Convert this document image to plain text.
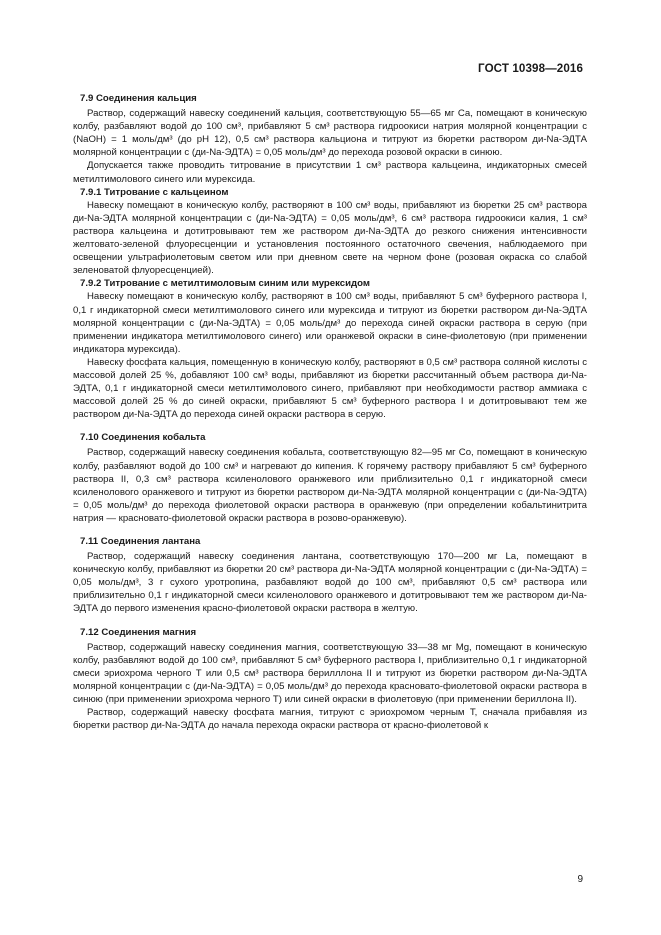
ГОСТ 10398—2016
7.9 Соединения кальция

Раствор, содержащий навеску соединений кальция, соответствующую 55—65 мг Ca, помещают в коническую колбу, разбавляют водой до 100 см³, прибавляют 5 см³ раствора гидроокиси натрия молярной концентрации с (NaOH) = 1 моль/дм³ (до pH 12), 0,5 см³ раствора кальциона и титруют из бюретки раствором ди-Na-ЭДТА молярной концентрации с (ди-Na-ЭДТА) = 0,05 моль/дм³ до перехода розовой окраски в синюю.

Допускается также проводить титрование в присутствии 1 см³ раствора кальцеина, индикаторных смесей метилтимолового синего или мурексида.

7.9.1 Титрование с кальцеином

Навеску помещают в коническую колбу, растворяют в 100 см³ воды, прибавляют из бюретки 25 см³ раствора ди-Na-ЭДТА молярной концентрации с (ди-Na-ЭДТА) = 0,05 моль/дм³, 6 см³ раствора гидроокиси калия, 1 см³ раствора кальцеина и дотитровывают тем же раствором ди-Na-ЭДТА до резкого снижения интенсивности желтовато-зеленой флуоресценции и установления постоянного остаточного свечения, наблюдаемого при освещении ультрафиолетовым светом или при дневном свете на черном фоне (розовая окраска со слабой зеленоватой флуоресценцией).

7.9.2 Титрование с метилтимоловым синим или мурексидом

Навеску помещают в коническую колбу, растворяют в 100 см³ воды, прибавляют 5 см³ буферного раствора I, 0,1 г индикаторной смеси метилтимолового синего или мурексида и титруют из бюретки раствором ди-Na-ЭДТА молярной концентрации с (ди-Na-ЭДТА) = 0,05 моль/дм³ до перехода синей окраски раствора в серую (при применении индикатора метилтимолового синего) или оранжевой окраски в сине-фиолетовую (при применении индикатора мурексида).

Навеску фосфата кальция, помещенную в коническую колбу, растворяют в 0,5 см³ раствора соляной кислоты с массовой долей 25 %, добавляют 100 см³ воды, прибавляют из бюретки рассчитанный объем раствора ди-Na-ЭДТА, 0,1 г индикаторной смеси метилтимолового синего, прибавляют при необходимости раствор аммиака с массовой долей 25 % до синей окраски, прибавляют 5 см³ буферного раствора I и дотитровывают тем же раствором ди-Na-ЭДТА до перехода синей окраски раствора в серую.

7.10 Соединения кобальта

Раствор, содержащий навеску соединения кобальта, соответствующую 82—95 мг Co, помещают в коническую колбу, разбавляют водой до 100 см³ и нагревают до кипения. К горячему раствору прибавляют 5 см³ буферного раствора II, 0,3 см³ раствора ксиленолового оранжевого или приблизительно 0,1 г индикаторной смеси ксиленолового оранжевого и титруют из бюретки раствором ди-Na-ЭДТА молярной концентрации с (ди-Na-ЭДТА) = 0,05 моль/дм³ до перехода фиолетовой окраски раствора в оранжевую (при определении кобальтинитрита натрия — красновато-фиолетовой окраски раствора в розово-оранжевую).

7.11 Соединения лантана

Раствор, содержащий навеску соединения лантана, соответствующую 170—200 мг La, помещают в коническую колбу, прибавляют из бюретки 20 см³ раствора ди-Na-ЭДТА молярной концентрации с (ди-Na-ЭДТА) = 0,05 моль/дм³, 3 г сухого уротропина, разбавляют водой до 100 см³, прибавляют 0,5 см³ раствора или приблизительно 0,1 г индикаторной смеси ксиленолового оранжевого и дотитровывают тем же раствором ди-Na-ЭДТА до первого изменения красно-фиолетовой окраски раствора в желтую.

7.12 Соединения магния

Раствор, содержащий навеску соединения магния, соответствующую 33—38 мг Mg, помещают в коническую колбу, разбавляют водой до 100 см³, прибавляют 5 см³ буферного раствора I, приблизительно 0,1 г индикаторной смеси эриохрома черного Т или 0,5 см³ раствора берилллона II и титруют из бюретки раствором ди-Na-ЭДТА молярной концентрации с (ди-Na-ЭДТА) = 0,05 моль/дм³ до перехода красновато-фиолетовой окраски раствора в синюю (при применении эриохрома черного Т) или синей окраски в фиолетовую (при применении бериллона II).

Раствор, содержащий навеску фосфата магния, титруют с эриохромом черным Т, сначала прибавляя из бюретки раствор ди-Na-ЭДТА до начала перехода окраски раствора от красно-фиолетовой к

9
